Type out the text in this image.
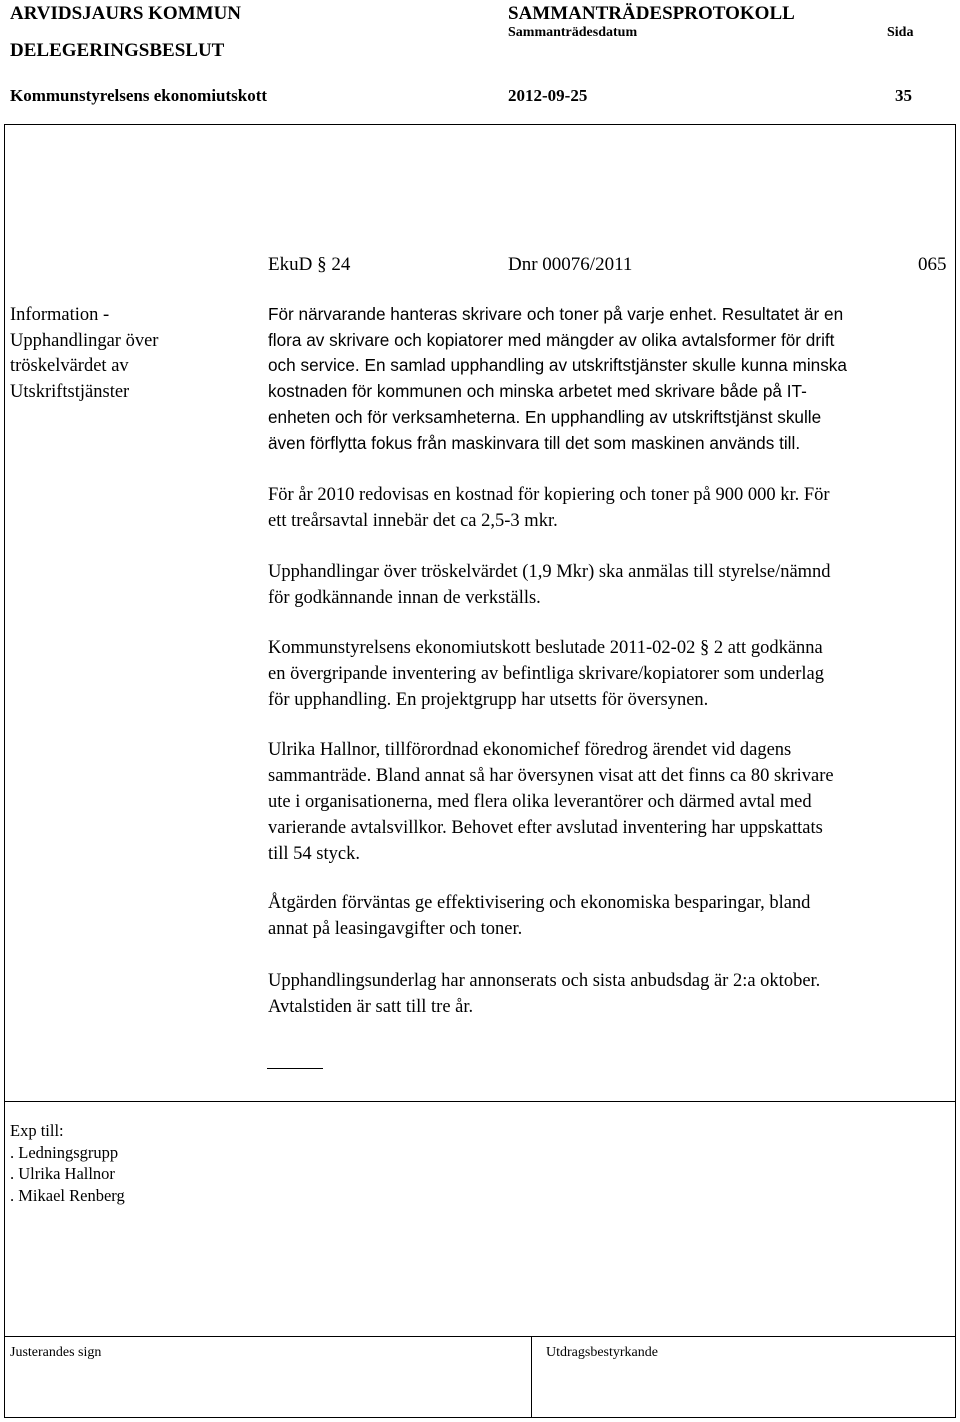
ARVIDSJAURS KOMMUN
DELEGERINGSBESLUT
SAMMANTRÄDESPROTOKOLL
Sammanträdesdatum	Sida
Kommunstyrelsens ekonomiutskott	2012-09-25	35
EkuD § 24	Dnr 00076/2011	065
Information -
Upphandlingar över
tröskelvärdet av
Utskriftstjänster
För närvarande hanteras skrivare och toner på varje enhet. Resultatet är en
flora av skrivare och kopiatorer med mängder av olika avtalsformer för drift
och service. En samlad upphandling av utskriftstjänster skulle kunna minska
kostnaden för kommunen och minska arbetet med skrivare både på IT-
enheten och för verksamheterna. En upphandling av utskriftstjänst skulle
även förflytta fokus från maskinvara till det som maskinen används till.
För år 2010 redovisas en kostnad för kopiering och toner på 900 000 kr. För
ett treårsavtal innebär det ca 2,5-3 mkr.
Upphandlingar över tröskelvärdet (1,9 Mkr) ska anmälas till styrelse/nämnd
för godkännande innan de verkställs.
Kommunstyrelsens ekonomiutskott beslutade 2011-02-02 § 2 att godkänna
en övergripande inventering av befintliga skrivare/kopiatorer som underlag
för upphandling. En projektgrupp har utsetts för översynen.
Ulrika Hallnor, tillförordnad ekonomichef föredrog ärendet vid dagens
sammanträde. Bland annat så har översynen visat att det finns ca 80 skrivare
ute i organisationerna, med flera olika leverantörer och därmed avtal med
varierande avtalsvillkor. Behovet efter avslutad inventering har uppskattats
till 54 styck.
Åtgärden förväntas ge effektivisering och ekonomiska besparingar, bland
annat på leasingavgifter och toner.
Upphandlingsunderlag har annonserats och sista anbudsdag är 2:a oktober.
Avtalstiden är satt till tre år.
Exp till:
. Ledningsgrupp
. Ulrika Hallnor
. Mikael Renberg
Justerandes sign	Utdragsbestyrkande
